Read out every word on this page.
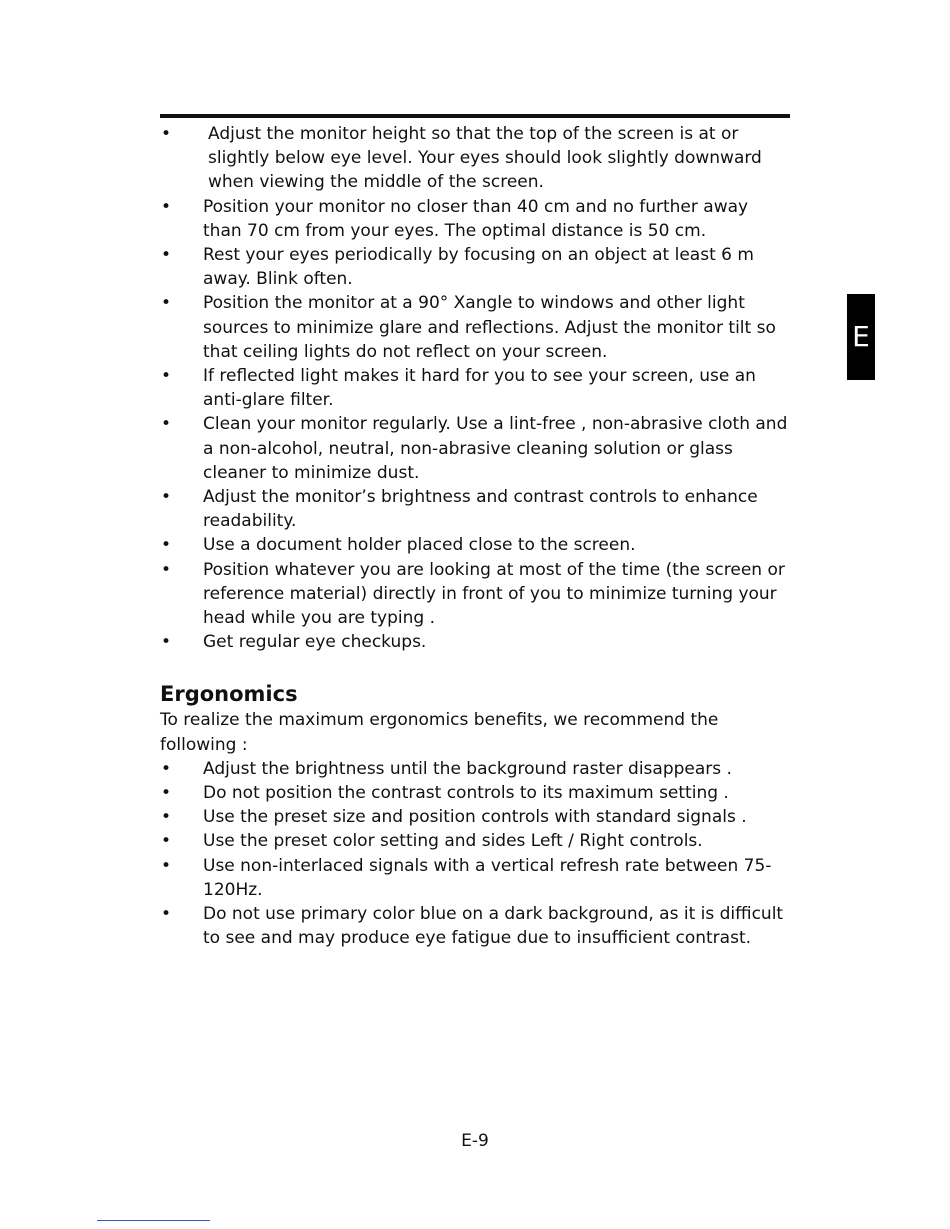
• Adjust the monitor height so that the top of the screen is at or slightly below eye level. Your eyes should look slightly downward when viewing the middle of the screen.
• Position your monitor no closer than 40 cm and no further away than 70 cm from your eyes. The optimal distance is 50 cm.
• Rest your eyes periodically by focusing on an object at least 6 m away. Blink often.
• Position the monitor at a 90° Xangle to windows and other light sources to minimize glare and reflections. Adjust the monitor tilt so that ceiling lights do not reflect on your screen.
• If reflected light makes it hard for you to see your screen, use an anti-glare filter.
• Clean your monitor regularly. Use a lint-free , non-abrasive cloth and a non-alcohol, neutral, non-abrasive cleaning solution or glass cleaner to minimize dust.
• Adjust the monitor’s brightness and contrast controls to enhance readability.
• Use a document holder placed close to the screen.
• Position whatever you are looking at most of the time (the screen or reference material) directly in front of you to minimize turning your head while you are typing .
• Get regular eye checkups.
Ergonomics

To realize the maximum ergonomics benefits, we recommend the following :

• Adjust the brightness until the background raster disappears .
• Do not position the contrast controls to its maximum setting .
• Use the preset size and position controls with standard signals .
• Use the preset color setting and sides Left / Right controls.
• Use non-interlaced signals with a vertical refresh rate between 75-120Hz.
• Do not use primary color blue on a dark background, as it is difficult to see and may produce eye fatigue due to insufficient contrast.
E
E-9
